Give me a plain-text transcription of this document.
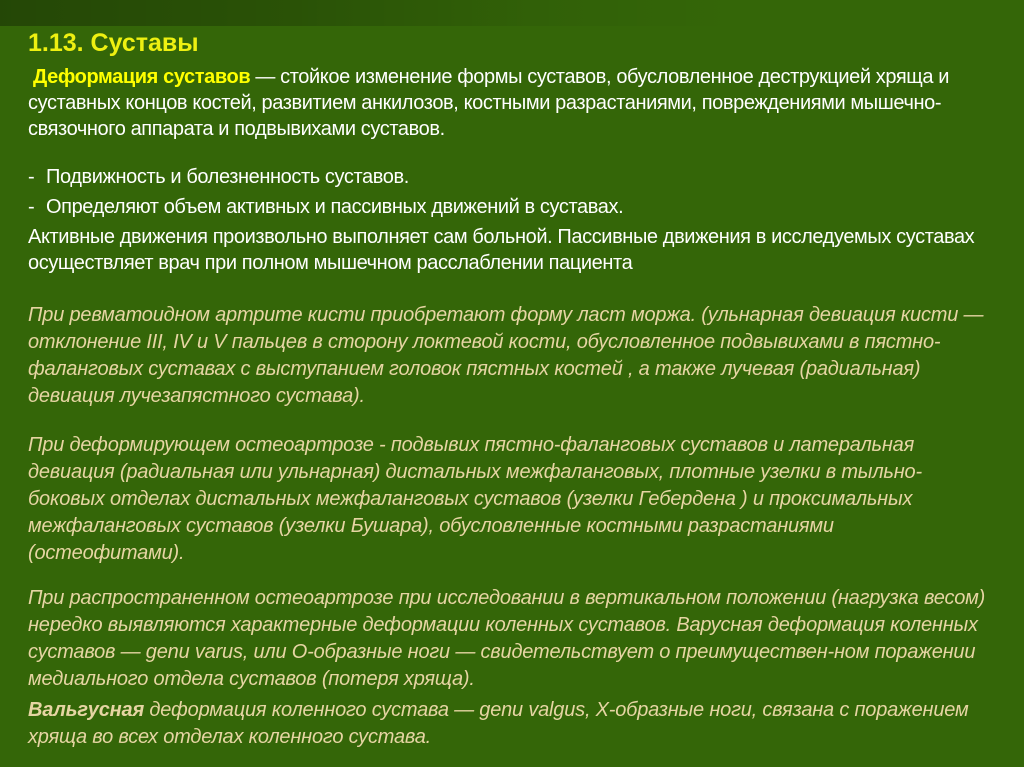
1.13. Суставы

Деформация суставов — стойкое изменение формы суставов, обусловленное деструкцией хряща и суставных концов костей, развитием анкилозов, костными разрастаниями, повреждениями мышечно-связочного аппарата и подвывихами суставов.

- Подвижность и болезненность суставов.
- Определяют объем активных и пассивных движений в суставах.

Активные движения произвольно выполняет сам больной. Пассивные движения в исследуемых суставах осуществляет врач при полном мышечном расслаблении пациента

При ревматоидном артрите кисти приобретают форму ласт моржа. (ульнарная девиация кисти — отклонение III, IV и V пальцев в сторону локтевой кости, обусловленное подвывихами в пястно-фаланговых суставах с выступанием головок пястных костей , а также лучевая (радиальная) девиация лучезапястного сустава).

При деформирующем остеоартрозе - подвывих пястно-фаланговых суставов и латеральная девиация (радиальная или ульнарная) дистальных межфаланговых, плотные узелки в тыльно-боковых отделах дистальных межфаланговых суставов (узелки Гебердена ) и проксимальных межфаланговых суставов (узелки Бушара), обусловленные костными разрастаниями (остеофитами).

При распространенном остеоартрозе при исследовании в вертикальном положении (нагрузка весом) нередко выявляются характерные деформации коленных суставов. Варусная деформация коленных суставов — genu varus, или О-образные ноги — свидетельствует о преимуществен-ном поражении медиального отдела суставов (потеря хряща).

Вальгусная деформация коленного сустава — genu valgus, Х-образные ноги, связана с поражением хряща во всех отделах коленного сустава.
